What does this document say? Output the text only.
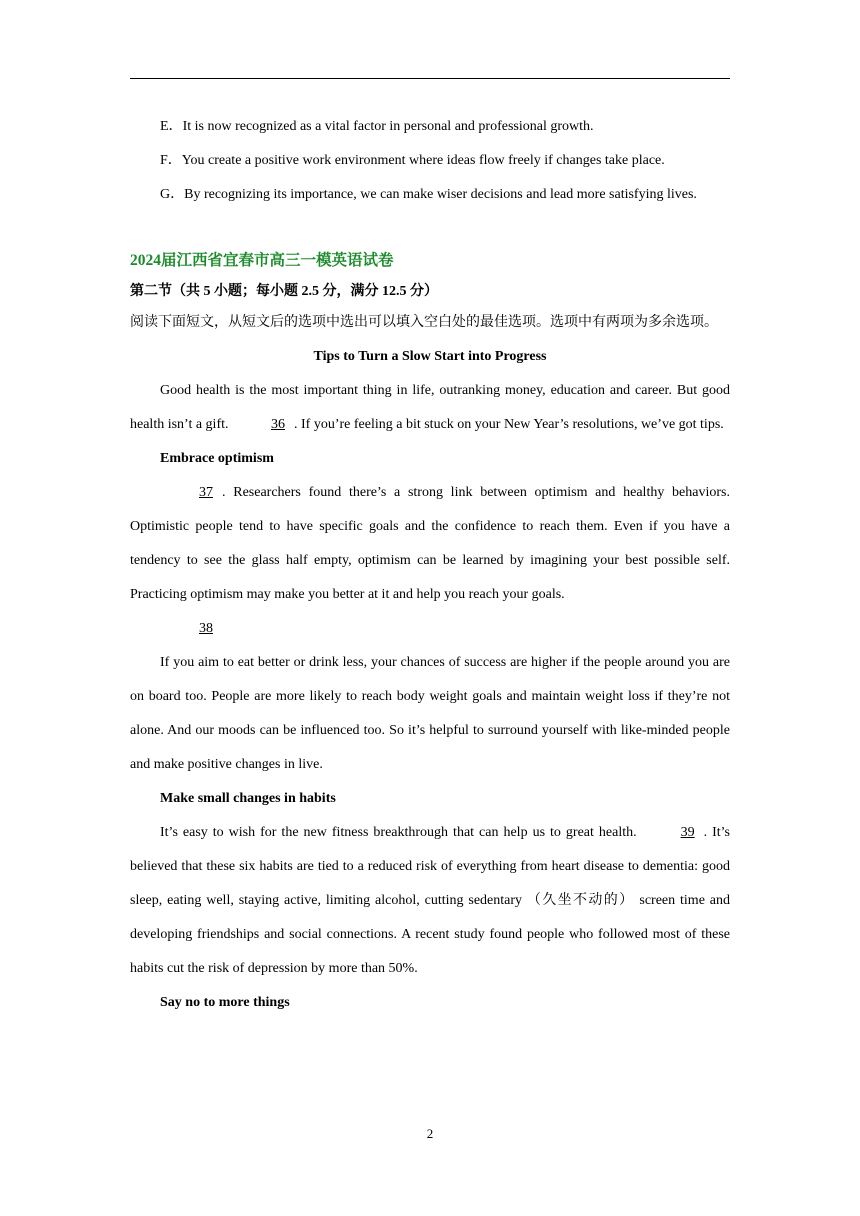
E．It is now recognized as a vital factor in personal and professional growth.

F．You create a positive work environment where ideas flow freely if changes take place.

G．By recognizing its importance, we can make wiser decisions and lead more satisfying lives.

2024届江西省宜春市高三一模英语试卷

第二节（共 5 小题；每小题 2.5 分，满分 12.5 分）

阅读下面短文，从短文后的选项中选出可以填入空白处的最佳选项。选项中有两项为多余选项。

Tips to Turn a Slow Start into Progress

Good health is the most important thing in life, outranking money, education and career. But good health isn’t a gift.	36 . If you’re feeling a bit stuck on your New Year’s resolutions, we’ve got tips.

Embrace optimism

37 . Researchers found there’s a strong link between optimism and healthy behaviors. Optimistic people tend to have specific goals and the confidence to reach them. Even if you have a tendency to see the glass half empty, optimism can be learned by imagining your best possible self. Practicing optimism may make you better at it and help you reach your goals.

38

If you aim to eat better or drink less, your chances of success are higher if the people around you are on board too. People are more likely to reach body weight goals and maintain weight loss if they’re not alone. And our moods can be influenced too. So it’s helpful to surround yourself with like-minded people and make positive changes in live.

Make small changes in habits

It’s easy to wish for the new fitness breakthrough that can help us to great health.	39 . It’s believed that these six habits are tied to a reduced risk of everything from heart disease to dementia: good sleep, eating well, staying active, limiting alcohol, cutting sedentary （久坐不动的） screen time and developing friendships and social connections. A recent study found people who followed most of these habits cut the risk of depression by more than 50%.

Say no to more things

2
